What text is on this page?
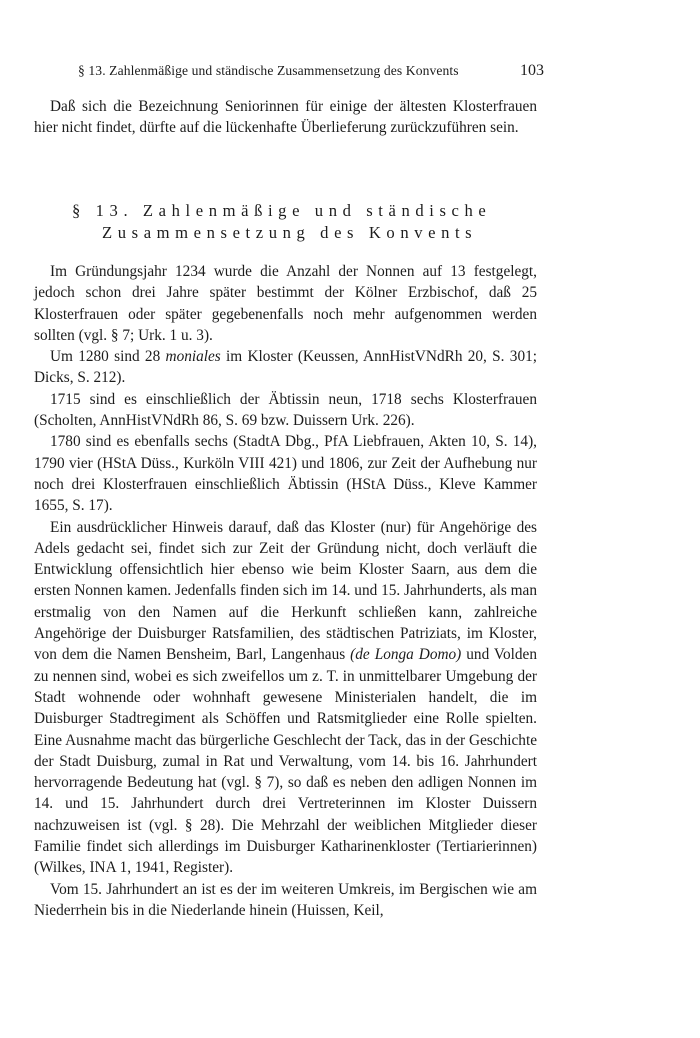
§ 13. Zahlenmäßige und ständische Zusammensetzung des Konvents	103

Daß sich die Bezeichnung Seniorinnen für einige der ältesten Klosterfrauen hier nicht findet, dürfte auf die lückenhafte Überlieferung zurückzuführen sein.

§ 13. Zahlenmäßige und ständische
Zusammensetzung des Konvents

Im Gründungsjahr 1234 wurde die Anzahl der Nonnen auf 13 festgelegt, jedoch schon drei Jahre später bestimmt der Kölner Erzbischof, daß 25 Klosterfrauen oder später gegebenenfalls noch mehr aufgenommen werden sollten (vgl. § 7; Urk. 1 u. 3).

Um 1280 sind 28 moniales im Kloster (Keussen, AnnHistVNdRh 20, S. 301; Dicks, S. 212).

1715 sind es einschließlich der Äbtissin neun, 1718 sechs Klosterfrauen (Scholten, AnnHistVNdRh 86, S. 69 bzw. Duissern Urk. 226).

1780 sind es ebenfalls sechs (StadtA Dbg., PfA Liebfrauen, Akten 10, S. 14), 1790 vier (HStA Düss., Kurköln VIII 421) und 1806, zur Zeit der Aufhebung nur noch drei Klosterfrauen einschließlich Äbtissin (HStA Düss., Kleve Kammer 1655, S. 17).

Ein ausdrücklicher Hinweis darauf, daß das Kloster (nur) für Angehörige des Adels gedacht sei, findet sich zur Zeit der Gründung nicht, doch verläuft die Entwicklung offensichtlich hier ebenso wie beim Kloster Saarn, aus dem die ersten Nonnen kamen. Jedenfalls finden sich im 14. und 15. Jahrhunderts, als man erstmalig von den Namen auf die Herkunft schließen kann, zahlreiche Angehörige der Duisburger Ratsfamilien, des städtischen Patriziats, im Kloster, von dem die Namen Bensheim, Barl, Langenhaus (de Longa Domo) und Volden zu nennen sind, wobei es sich zweifellos um z. T. in unmittelbarer Umgebung der Stadt wohnende oder wohnhaft gewesene Ministerialen handelt, die im Duisburger Stadtregiment als Schöffen und Ratsmitglieder eine Rolle spielten. Eine Ausnahme macht das bürgerliche Geschlecht der Tack, das in der Geschichte der Stadt Duisburg, zumal in Rat und Verwaltung, vom 14. bis 16. Jahrhundert hervorragende Bedeutung hat (vgl. § 7), so daß es neben den adligen Nonnen im 14. und 15. Jahrhundert durch drei Vertreterinnen im Kloster Duissern nachzuweisen ist (vgl. § 28). Die Mehrzahl der weiblichen Mitglieder dieser Familie findet sich allerdings im Duisburger Katharinenkloster (Tertiarierinnen) (Wilkes, INA 1, 1941, Register).

Vom 15. Jahrhundert an ist es der im weiteren Umkreis, im Bergischen wie am Niederrhein bis in die Niederlande hinein (Huissen, Keil,
